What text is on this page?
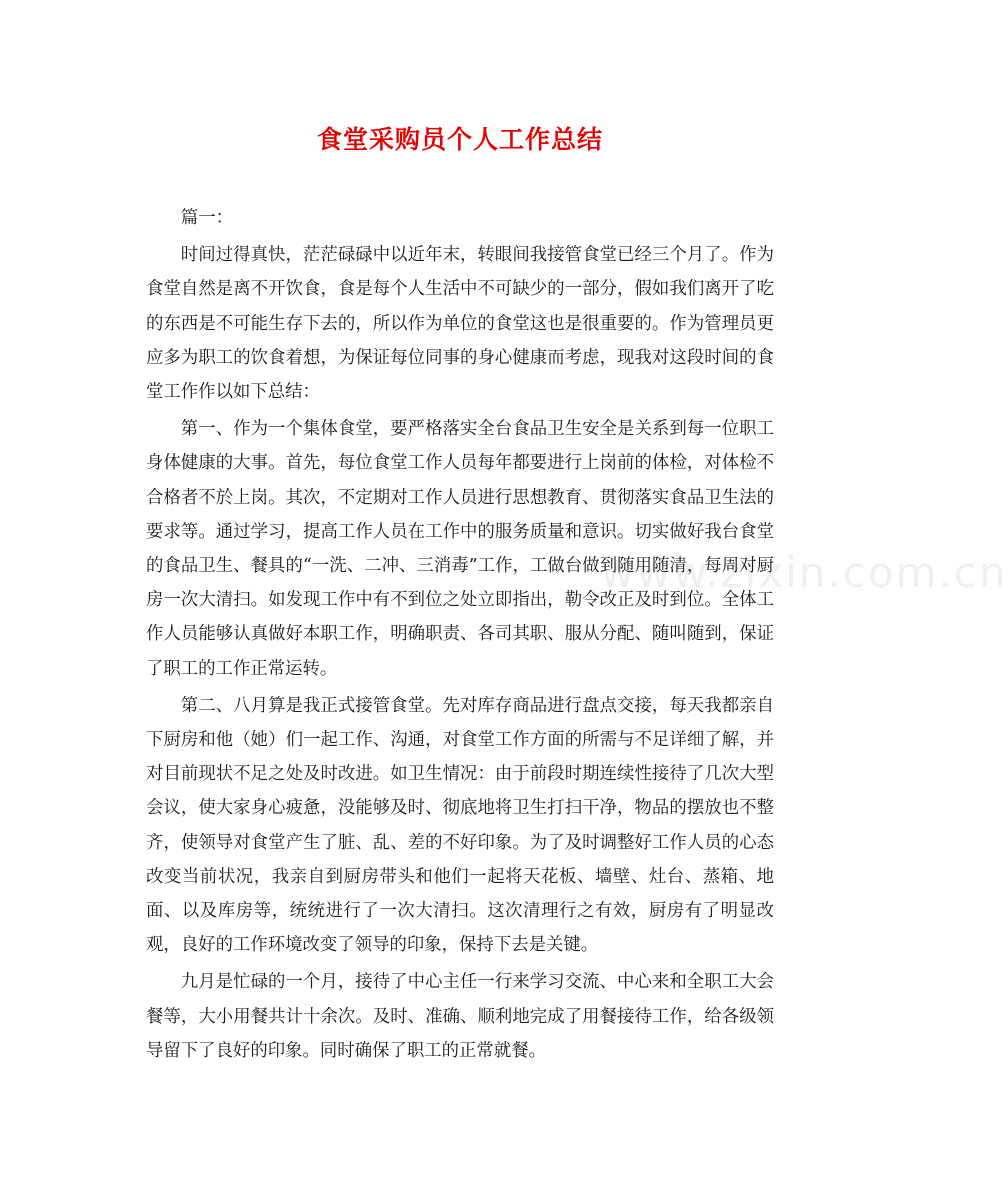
食堂采购员个人工作总结

篇一：

时间过得真快，茫茫碌碌中以近年末，转眼间我接管食堂已经三个月了。作为食堂自然是离不开饮食，食是每个人生活中不可缺少的一部分，假如我们离开了吃的东西是不可能生存下去的，所以作为单位的食堂这也是很重要的。作为管理员更应多为职工的饮食着想，为保证每位同事的身心健康而考虑，现我对这段时间的食堂工作作以如下总结：

第一、作为一个集体食堂，要严格落实全台食品卫生安全是关系到每一位职工身体健康的大事。首先，每位食堂工作人员每年都要进行上岗前的体检，对体检不合格者不於上岗。其次，不定期对工作人员进行思想教育、贯彻落实食品卫生法的要求等。通过学习，提高工作人员在工作中的服务质量和意识。切实做好我台食堂的食品卫生、餐具的“一洗、二冲、三消毒”工作，工做台做到随用随清，每周对厨房一次大清扫。如发现工作中有不到位之处立即指出，勒令改正及时到位。全体工作人员能够认真做好本职工作，明确职责、各司其职、服从分配、随叫随到，保证了职工的工作正常运转。

第二、八月算是我正式接管食堂。先对库存商品进行盘点交接，每天我都亲自下厨房和他（她）们一起工作、沟通，对食堂工作方面的所需与不足详细了解，并对目前现状不足之处及时改进。如卫生情况：由于前段时期连续性接待了几次大型会议，使大家身心疲惫，没能够及时、彻底地将卫生打扫干净，物品的摆放也不整齐，使领导对食堂产生了脏、乱、差的不好印象。为了及时调整好工作人员的心态改变当前状况，我亲自到厨房带头和他们一起将天花板、墙壁、灶台、蒸箱、地面、以及库房等，统统进行了一次大清扫。这次清理行之有效，厨房有了明显改观，良好的工作环境改变了领导的印象，保持下去是关键。

九月是忙碌的一个月，接待了中心主任一行来学习交流、中心来和全职工大会餐等，大小用餐共计十余次。及时、准确、顺利地完成了用餐接待工作，给各级领导留下了良好的印象。同时确保了职工的正常就餐。

www.zixin.com.cn
